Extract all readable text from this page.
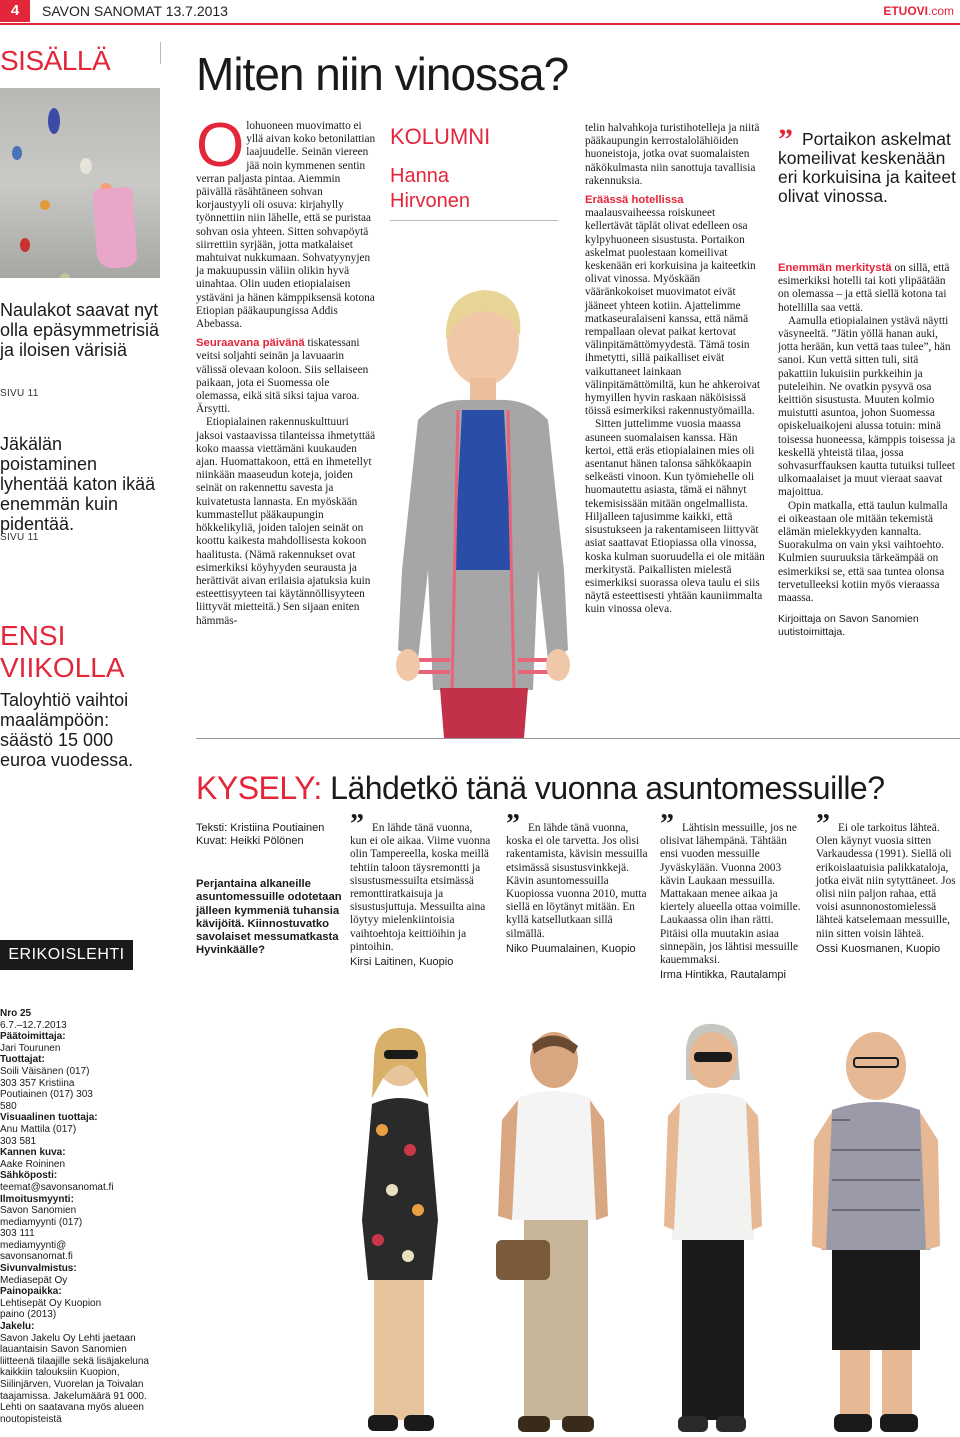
4	SAVON SANOMAT 13.7.2013	ETUOVI.com
SISÄLLÄ
Naulakot saavat nyt olla epäsymmetrisiä ja iloisen värisiä
SIVU 11
Jäkälän poistaminen lyhentää katon ikää enemmän kuin pidentää.
SIVU 11
ENSI VIIKOLLA
Taloyhtiö vaihtoi maalämpöön: säästö 15 000 euroa vuodessa.
ERIKOISLEHTI
Nro 25
6.7.–12.7.2013
Päätoimittaja:
Jari Tourunen
Tuottajat:
Soili Väisänen (017) 303 357 Kristiina Poutiainen (017) 303 580
Visuaalinen tuottaja:
Anu Mattila (017) 303 581
Kannen kuva:
Aake Roininen
Sähköposti:
teemat@savonsanomat.fi
Ilmoitusmyynti:
Savon Sanomien mediamyynti (017) 303 111 mediamyynti@ savonsanomat.fi
Sivunvalmistus:
Mediasepät Oy
Painopaikka:
Lehtisepät Oy Kuopion paino (2013)
Jakelu:
Savon Jakelu Oy Lehti jaetaan lauantaisin Savon Sanomien liitteenä tilaajille sekä lisäjakeluna kaikkiin talouksiin Kuopion, Siilinjärven, Vuorelan ja Toivalan taajamissa. Jakelumäärä 91 000. Lehti on saatavana myös alueen noutopisteistä
Miten niin vinossa?
O lohuoneen muovimatto ei yllä aivan koko betonilattian laajuudelle. Seinän viereen jää noin kymmenen sentin verran paljasta pintaa. Aiemmin päivällä räsähtäneen sohvan korjaustyyli oli osuva: kirjahylly työnnettiin niin lähelle, että se puristaa sohvan osia yhteen. Sitten sohvapöytä siirrettiin syrjään, jotta matkalaiset mahtuivat nukkumaan. Sohvatyynyjen ja makuupussin väliin olikin hyvä uinahtaa. Olin uuden etiopialaisen ystäväni ja hänen kämppiksensä kotona Etiopian pääkaupungissa Addis Abebassa.

Seuraavana päivänä tiskatessani veitsi soljahti seinän ja lavuaarin välissä olevaan koloon. Siis sellaiseen paikaan, jota ei Suomessa ole olemassa, eikä sitä siksi tajua varoa. Ärsytti.

Etiopialainen rakennuskulttuuri jaksoi vastaavissa tilanteissa ihmetyttää koko maassa viettämäni kuukauden ajan. Huomattakoon, että en ihmetellyt niinkään maaseudun koteja, joiden seinät on rakennettu savesta ja kuivatetusta lannasta. En myöskään kummastellut pääkaupungin hökkelikyliä, joiden talojen seinät on koottu kaikesta mahdollisesta kokoon haalitusta. (Nämä rakennukset ovat esimerkiksi köyhyyden seurausta ja herättivät aivan erilaisia ajatuksia kuin esteettisyyteen tai käytännöllisyyteen liittyvät mietteitä.) Sen sijaan eniten hämmäs-

KOLUMNI
Hanna
Hirvonen

telin halvahkoja turistihotelleja ja niitä pääkaupungin kerrostalolähiöiden huoneistoja, jotka ovat suomalaisten näkökulmasta niin sanottuja tavallisia rakennuksia.

Eräässä hotellissa maalausvaiheessa roiskuneet kellertävät täplät olivat edelleen osa kylpyhuoneen sisustusta. Portaikon askelmat puolestaan komeilivat keskenään eri korkuisina ja kaiteetkin olivat vinossa. Myöskään vääränkokoiset muovimatot eivät jääneet yhteen kotiin. Ajattelimme matkaseuralaiseni kanssa, että nämä rempallaan olevat paikat kertovat välinpitämättömyydestä. Tämä tosin ihmetytti, sillä paikalliset eivät vaikuttaneet lainkaan välinpitämättömiltä, kun he ahkeroivat hymyillen hyvin raskaan näköisissä töissä esimerkiksi rakennustyömailla.

Sitten juttelimme vuosia maassa asuneen suomalaisen kanssa. Hän kertoi, että eräs etiopialainen mies oli asentanut hänen talonsa sähkökaapin selkeästi vinoon. Kun työmiehelle oli huomautettu asiasta, tämä ei nähnyt tekemisissään mitään ongelmallista. Hiljalleen tajusimme kaikki, että sisustukseen ja rakentamiseen liittyvät asiat saattavat Etiopiassa olla vinossa, koska kulman suoruudella ei ole mitään merkitystä. Paikallisten mielestä esimerkiksi suorassa oleva taulu ei siis näytä esteettisesti yhtään kauniimmalta kuin vinossa oleva.

” Portaikon askelmat komeilivat keskenään eri korkuisina ja kaiteet olivat vinossa.

Enemmän merkitystä on sillä, että esimerkiksi hotelli tai koti ylipäätään on olemassa – ja että siellä kotona tai hotellilla saa vettä.

Aamulla etiopialainen ystävä näytti väsyneeltä. ”Jätin yöllä hanan auki, jotta herään, kun vettä taas tulee”, hän sanoi. Kun vettä sitten tuli, sitä pakattiin lukuisiin purkkeihin ja puteleihin. Ne ovatkin pysyvä osa keittiön sisustusta. Muuten kolmio muistutti asuntoa, johon Suomessa opiskeluaikojeni alussa totuin: minä toisessa huoneessa, kämppis toisessa ja keskellä yhteistä tilaa, jossa sohvasurffauksen kautta tutuiksi tulleet ulkomaalaiset ja muut vieraat saavat majoittua.

Opin matkalla, että taulun kulmalla ei oikeastaan ole mitään tekemistä elämän mielekkyyden kannalta. Suorakulma on vain yksi vaihtoehto. Kulmien suuruuksia tärkeämpää on esimerkiksi se, että saa tuntea olonsa tervetulleeksi kotiin myös vieraassa maassa.

Kirjoittaja on Savon Sanomien uutistoimittaja.

KYSELY: Lähdetkö tänä vuonna asuntomessuille?
Teksti: Kristiina Poutiainen
Kuvat: Heikki Pölönen
Perjantaina alkaneille asuntomessuille odotetaan jälleen kymmeniä tuhansia kävijöitä. Kiinnostuvatko savolaiset messumatkasta Hyvinkäälle?
” En lähde tänä vuonna, kun ei ole aikaa. Viime vuonna olin Tampereella, koska meillä tehtiin taloon täysremontti ja sisustusmessuilta etsimässä remonttiratkaisuja ja sisustusjuttuja. Messuilta aina löytyy mielenkiintoisia vaihtoehtoja keittiöihin ja pintoihin.
Kirsi Laitinen, Kuopio
” En lähde tänä vuonna, koska ei ole tarvetta. Jos olisi rakentamista, kävisin messuilla etsimässä sisustusvinkkejä. Kävin asuntomessuilla Kuopiossa vuonna 2010, mutta siellä en löytänyt mitään. En kyllä katsellutkaan sillä silmällä.
Niko Puumalainen, Kuopio
” Lähtisin messuille, jos ne olisivat lähempänä. Tähtään ensi vuoden messuille Jyväskylään. Vuonna 2003 kävin Laukaan messuilla. Mattakaan menee aikaa ja kiertely alueella ottaa voimille. Laukaassa olin ihan rätti. Pitäisi olla muutakin asiaa sinnepäin, jos lähtisi messuille kauemmaksi.
Irma Hintikka, Rautalampi
” Ei ole tarkoitus lähteä. Olen käynyt vuosia sitten Varkaudessa (1991). Siellä oli erikoislaatuisia palikkataloja, jotka eivät niin sytyttäneet. Jos olisi niin paljon rahaa, että voisi asunnonostomielessä lähteä katselemaan messuille, niin sitten voisin lähteä.
Ossi Kuosmanen, Kuopio
